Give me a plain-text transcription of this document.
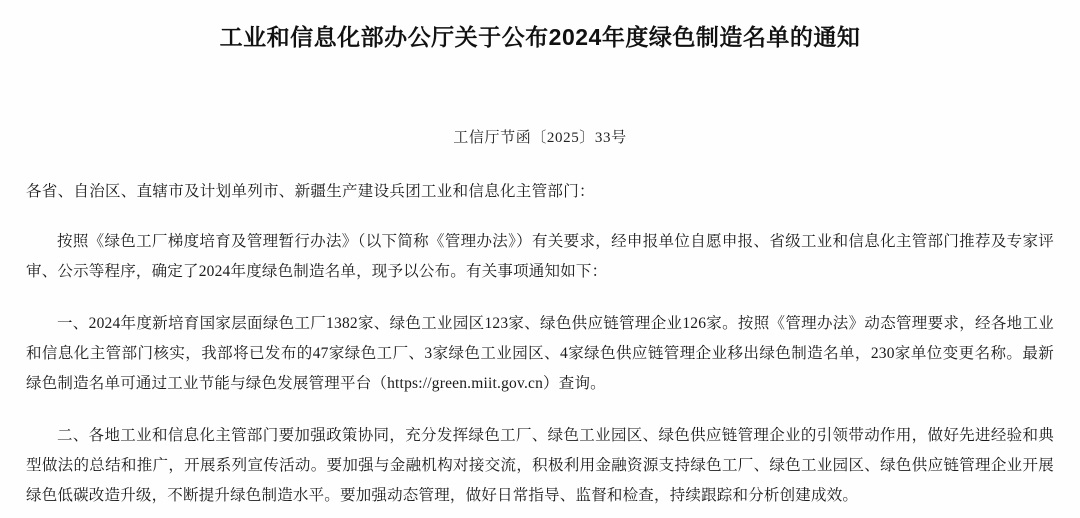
工业和信息化部办公厅关于公布2024年度绿色制造名单的通知

工信厅节函〔2025〕33号

各省、自治区、直辖市及计划单列市、新疆生产建设兵团工业和信息化主管部门：

按照《绿色工厂梯度培育及管理暂行办法》（以下简称《管理办法》）有关要求，经申报单位自愿申报、省级工业和信息化主管部门推荐及专家评审、公示等程序，确定了2024年度绿色制造名单，现予以公布。有关事项通知如下：

一、2024年度新培育国家层面绿色工厂1382家、绿色工业园区123家、绿色供应链管理企业126家。按照《管理办法》动态管理要求，经各地工业和信息化主管部门核实，我部将已发布的47家绿色工厂、3家绿色工业园区、4家绿色供应链管理企业移出绿色制造名单，230家单位变更名称。最新绿色制造名单可通过工业节能与绿色发展管理平台（https://green.miit.gov.cn）查询。

二、各地工业和信息化主管部门要加强政策协同，充分发挥绿色工厂、绿色工业园区、绿色供应链管理企业的引领带动作用，做好先进经验和典型做法的总结和推广，开展系列宣传活动。要加强与金融机构对接交流，积极利用金融资源支持绿色工厂、绿色工业园区、绿色供应链管理企业开展绿色低碳改造升级，不断提升绿色制造水平。要加强动态管理，做好日常指导、监督和检查，持续跟踪和分析创建成效。
